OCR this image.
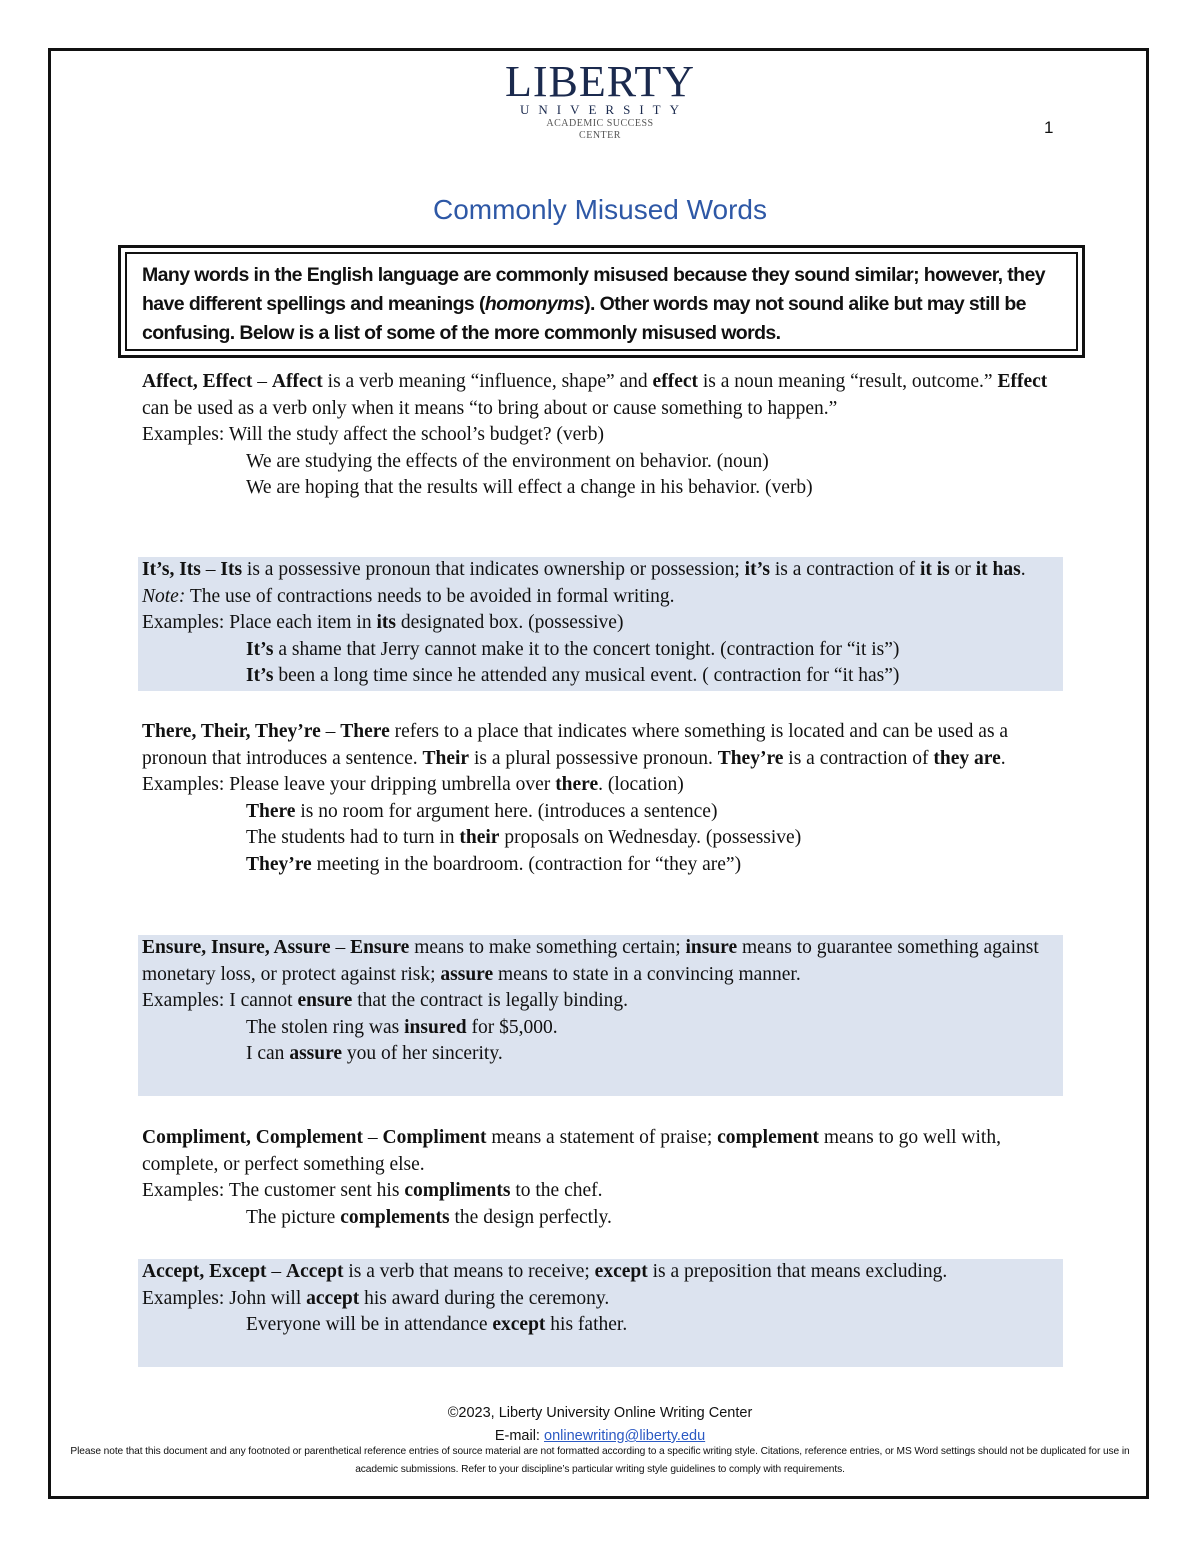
LIBERTY
UNIVERSITY
ACADEMIC SUCCESS
CENTER	1
Commonly Misused Words
Many words in the English language are commonly misused because they sound similar; however, they have different spellings and meanings (homonyms). Other words may not sound alike but may still be confusing. Below is a list of some of the more commonly misused words.

Affect, Effect – Affect is a verb meaning “influence, shape” and effect is a noun meaning “result, outcome.” Effect can be used as a verb only when it means “to bring about or cause something to happen.”

Examples: Will the study affect the school’s budget? (verb)

We are studying the effects of the environment on behavior. (noun)

We are hoping that the results will effect a change in his behavior. (verb)

It’s, Its – Its is a possessive pronoun that indicates ownership or possession; it’s is a contraction of it is or it has. Note: The use of contractions needs to be avoided in formal writing.

Examples: Place each item in its designated box. (possessive)

It’s a shame that Jerry cannot make it to the concert tonight. (contraction for “it is”)

It’s been a long time since he attended any musical event. ( contraction for “it has”)

There, Their, They’re – There refers to a place that indicates where something is located and can be used as a pronoun that introduces a sentence. Their is a plural possessive pronoun. They’re is a contraction of they are.

Examples: Please leave your dripping umbrella over there. (location)

There is no room for argument here. (introduces a sentence)

The students had to turn in their proposals on Wednesday. (possessive)

They’re meeting in the boardroom. (contraction for “they are”)

Ensure, Insure, Assure – Ensure means to make something certain; insure means to guarantee something against monetary loss, or protect against risk; assure means to state in a convincing manner.

Examples: I cannot ensure that the contract is legally binding.

The stolen ring was insured for $5,000.

I can assure you of her sincerity.

Compliment, Complement – Compliment means a statement of praise; complement means to go well with, complete, or perfect something else.

Examples: The customer sent his compliments to the chef.

The picture complements the design perfectly.

Accept, Except – Accept is a verb that means to receive; except is a preposition that means excluding.

Examples: John will accept his award during the ceremony.

Everyone will be in attendance except his father.

©2023, Liberty University Online Writing Center
E-mail: onlinewriting@liberty.edu
Please note that this document and any footnoted or parenthetical reference entries of source material are not formatted according to a specific writing style. Citations, reference entries, or MS Word settings should not be duplicated for use in academic submissions. Refer to your discipline’s particular writing style guidelines to comply with requirements.
